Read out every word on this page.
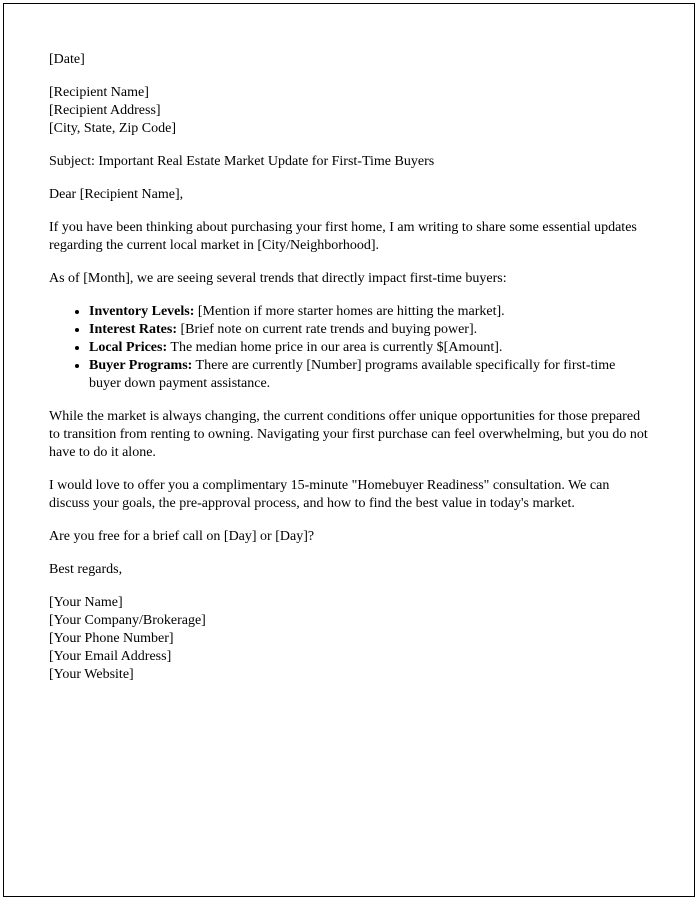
[Date]

[Recipient Name]

[Recipient Address]

[City, State, Zip Code]

Subject: Important Real Estate Market Update for First-Time Buyers

Dear [Recipient Name],

If you have been thinking about purchasing your first home, I am writing to share some essential updates regarding the current local market in [City/Neighborhood].

As of [Month], we are seeing several trends that directly impact first-time buyers:

• Inventory Levels: [Mention if more starter homes are hitting the market].
• Interest Rates: [Brief note on current rate trends and buying power].
• Local Prices: The median home price in our area is currently $[Amount].
• Buyer Programs: There are currently [Number] programs available specifically for first-time buyer down payment assistance.

While the market is always changing, the current conditions offer unique opportunities for those prepared to transition from renting to owning. Navigating your first purchase can feel overwhelming, but you do not have to do it alone.

I would love to offer you a complimentary 15-minute "Homebuyer Readiness" consultation. We can discuss your goals, the pre-approval process, and how to find the best value in today's market.

Are you free for a brief call on [Day] or [Day]?

Best regards,

[Your Name]

[Your Company/Brokerage]

[Your Phone Number]

[Your Email Address]

[Your Website]
